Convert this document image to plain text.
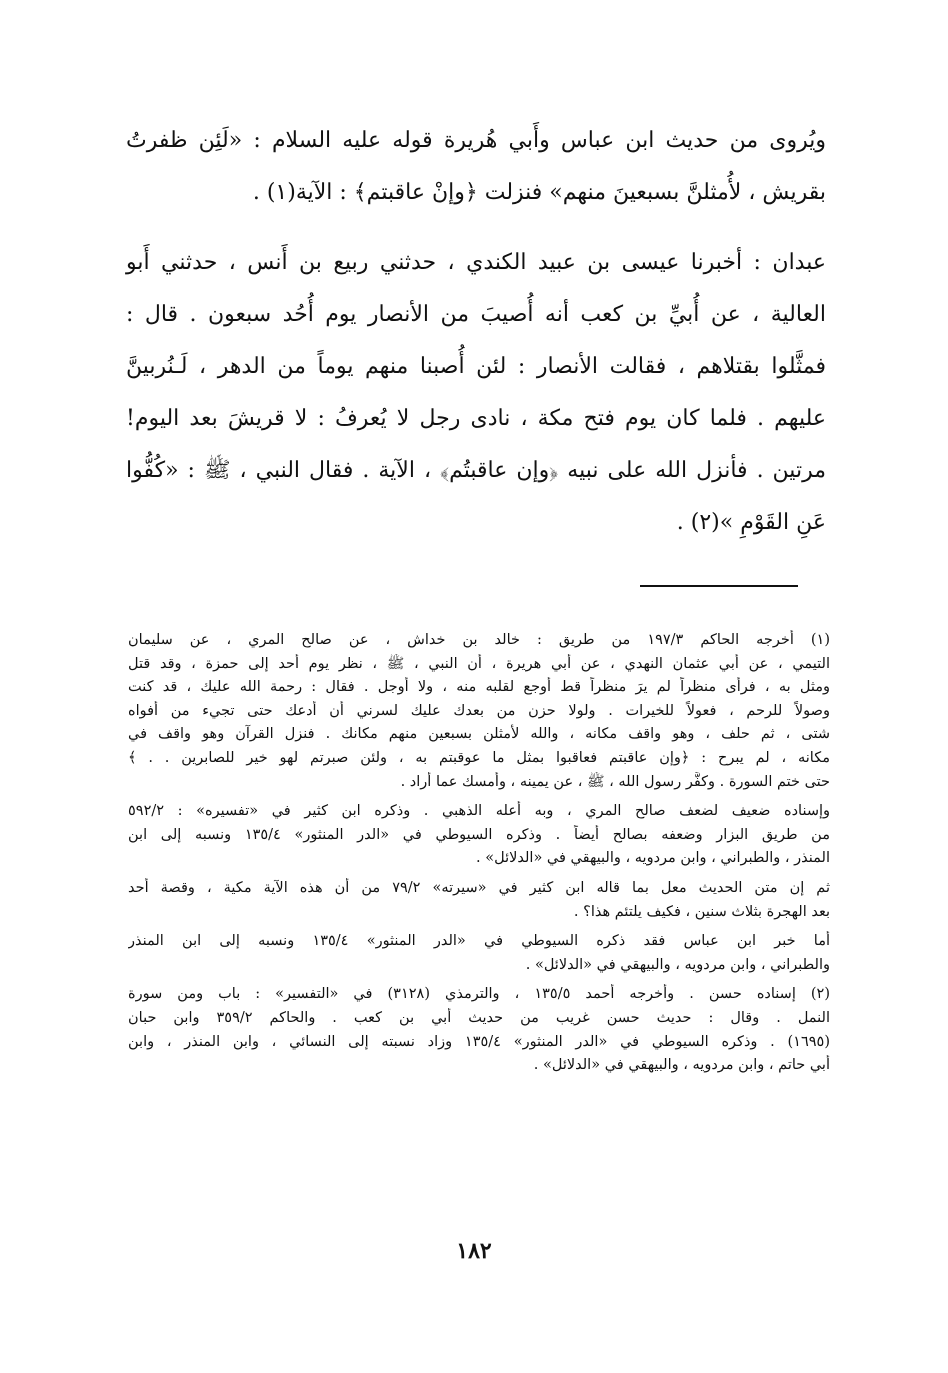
ويُروى من حديث ابن عباس وأَبي هُريرة قوله عليه السلام : «لَئِن ظفرتُ
بقريش ، لأُمثلنَّ بسبعينَ منهم» فنزلت ﴿وإنْ عاقبتم﴾ : الآية(١) .
عبدان : أخبرنا عيسى بن عبيد الكندي ، حدثني ربيع بن أَنس ، حدثني أَبو
العالية ، عن أُبيِّ بن كعب أنه أُصيبَ من الأنصار يوم أُحُد سبعون . قال :
فمثَّلوا بقتلاهم ، فقالت الأنصار : لئن أُصبنا منهم يوماً من الدهر ، لَـنُربينَّ
عليهم . فلما كان يوم فتح مكة ، نادى رجل لا يُعرفُ : لا قريشَ بعد اليوم!
مرتين . فأنزل الله على نبيه ﴿وإن عاقبتُم﴾ ، الآية . فقال النبي ، ﷺ : «كُفُّوا
عَنِ القَوْمِ »(٢) .
(١) أخرجه الحاكم ١٩٧/٣ من طريق : خالد بن خداش ، عن صالح المري ، عن سليمان
التيمي ، عن أبي عثمان النهدي ، عن أبي هريرة ، أن النبي ، ﷺ ، نظر يوم أحد إلى حمزة ، وقد قتل
ومثل به ، فرأى منظراً لم يرَ منظراً قط أوجع لقلبه منه ، ولا أوجل . فقال : رحمة الله عليك ، قد كنت
وصولاً للرحم ، فعولاً للخيرات . ولولا حزن من بعدك عليك لسرني أن أدعك حتى تجيء من أفواه
شتى ، ثم حلف ، وهو واقف مكانه ، والله لأمثلن بسبعين منهم مكانك . فنزل القرآن وهو واقف في
مكانه ، لم يبرح : ﴿وإن عاقبتم فعاقبوا بمثل ما عوقبتم به ، ولئن صبرتم لهو خير للصابرين . . ﴾
حتى ختم السورة . وكفَّر رسول الله ، ﷺ ، عن يمينه ، وأمسك عما أراد .
وإسناده ضعيف لضعف صالح المري ، وبه أعله الذهبي . وذكره ابن كثير في «تفسيره» : ٥٩٢/٢
من طريق البزار وضعفه بصالح أيضاً . وذكره السيوطي في «الدر المنثور» ١٣٥/٤ ونسبه إلى ابن
المنذر ، والطبراني ، وابن مردويه ، والبيهقي في «الدلائل» .
ثم إن متن الحديث معل بما قاله ابن كثير في «سيرته» ٧٩/٢ من أن هذه الآية مكية ، وقصة أحد
بعد الهجرة بثلاث سنين ، فكيف يلتئم هذا؟ .
أما خبر ابن عباس فقد ذكره السيوطي في «الدر المنثور» ١٣٥/٤ ونسبه إلى ابن المنذر
والطبراني ، وابن مردويه ، والبيهقي في «الدلائل» .
(٢) إسناده حسن . وأخرجه أحمد ١٣٥/٥ ، والترمذي (٣١٢٨) في «التفسير» : باب ومن سورة
النمل . وقال : حديث حسن غريب من حديث أبي بن كعب . والحاكم ٣٥٩/٢ وابن حبان
(١٦٩٥) . وذكره السيوطي في «الدر المنثور» ١٣٥/٤ وزاد نسبته إلى النسائي ، وابن المنذر ، وابن
أبي حاتم ، وابن مردويه ، والبيهقي في «الدلائل» .
١٨٢
